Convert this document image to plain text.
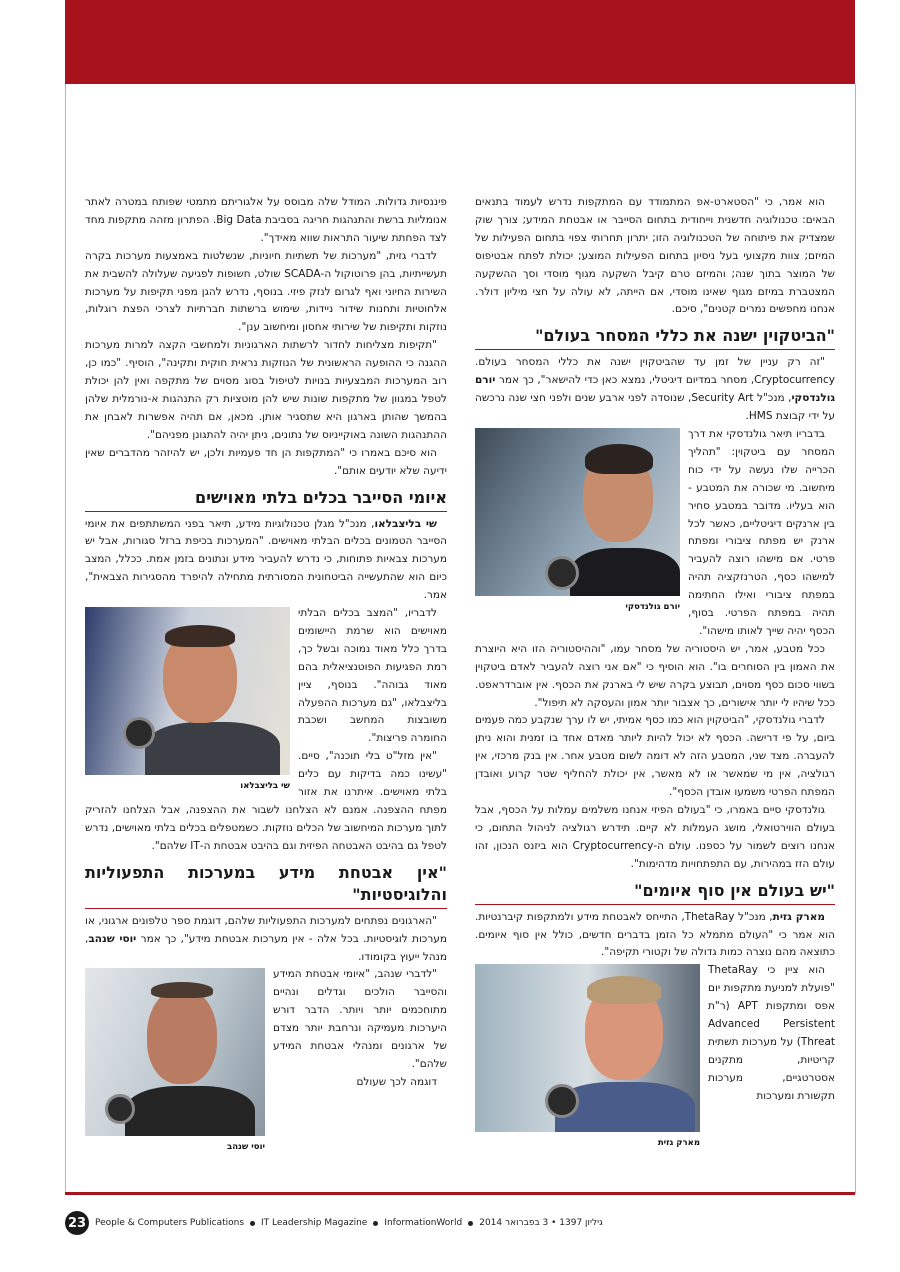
הוא אמר, כי "הסטארט-אפ המתמודד עם המתקפות נדרש לעמוד בתנאים הבאים: טכנולוגיה חדשנית וייחודית בתחום הסייבר או אבטחת המידע; צורך שוק שמצדיק את פיתוחה של הטכנולוגיה הזו; יתרון תחרותי צפוי בתחום הפעילות של המיזם; צוות מקצועי בעל ניסיון בתחום הפעילות המוצע; יכולת לפתח אבטיפוס של המוצר בתוך שנה; והמיזם טרם קיבל השקעה מגוף מוסדי וסך ההשקעה המצטברת במיזם מגוף שאינו מוסדי, אם הייתה, לא עולה על חצי מיליון דולר. אנחנו מחפשים נמרים קטנים", סיכם.

"הביטקוין ישנה את כללי המסחר בעולם"

"זה רק עניין של זמן עד שהביטקוין ישנה את כללי המסחר בעולם. Cryptocurrency, מסחר במדיום דיגיטלי, נמצא כאן כדי להישאר", כך אמר יורם גולנדסקי, מנכ"ל Security Art, שנוסדה לפני ארבע שנים ולפני חצי שנה נרכשה על ידי קבוצת HMS.

יורם גולנדסקי

בדבריו תיאר גולנדסקי את דרך המסחר עם ביטקוין: "תהליך הכרייה שלו נעשה על ידי כוח מיחשוב. מי שכורה את המטבע - הוא בעליו. מדובר במטבע סחיר בין ארנקים דיגיטליים, כאשר לכל ארנק יש מפתח ציבורי ומפתח פרטי. אם מישהו רוצה להעביר למישהו כסף, הטרנזקציה תהיה במפתח ציבורי ואילו החתימה תהיה במפתח הפרטי. בסוף, הכסף יהיה שייך לאותו מישהו".

ככל מטבע, אמר, יש היסטוריה של מסחר עמו, "וההיסטוריה הזו היא היוצרת את האמון בין הסוחרים בו". הוא הוסיף כי "אם אני רוצה להעביר לאדם ביטקוין בשווי סכום כסף מסוים, תבוצע בקרה שיש לי בארנק את הכסף. אין אוברדראפט. ככל שיהיו לי יותר אישורים, כך אצבור יותר אמון והעסקה לא תיפול".

לדברי גולנדסקי, "הביטקוין הוא כמו כסף אמיתי, יש לו ערך שנקבע כמה פעמים ביום, על פי דרישה. הכסף לא יכול להיות ליותר מאדם אחד בו זמנית והוא ניתן להעברה. מצד שני, המטבע הזה לא דומה לשום מטבע אחר. אין בנק מרכזי, אין רגולציה, אין מי שמאשר או לא מאשר, אין יכולת להחליף שטר קרוע ואובדן המפתח הפרטי משמעו אובדן הכסף".

גולנדסקי סיים באמרו, כי "בעולם הפיזי אנחנו משלמים עמלות על הכסף, אבל בעולם הווירטואלי, מושג העמלות לא קיים. תידרש רגולציה לניהול התחום, כי אנחנו רוצים לשמור על כספנו. עולם ה-Cryptocurrency הוא ביזנס הנכון, זהו עולם הזז במהירות, עם התפתחויות מדהימות".

"יש בעולם אין סוף איומים"

מארק גזית, מנכ"ל ThetaRay, התייחס לאבטחת מידע ולמתקפות קיברנטיות. הוא אמר כי "העולם מתמלא כל הזמן בדברים חדשים, כולל אין סוף איומים. כתוצאה מהם נוצרה כמות גדולה של וקטורי תקיפה".

מארק גזית

הוא ציין כי ThetaRay "פועלת למניעת מתקפות יום אפס ומתקפות APT (ר"ת Advanced Persistent Threat) על מערכות תשתית קריטיות, מתקנים אסטרטגיים, מערכות תקשורת ומערכות

פיננסיות גדולות. המודל שלה מבוסס על אלגוריתם מתמטי שפותח במטרה לאתר אנומליות ברשת והתנהגות חריגה בסביבת Big Data. הפתרון מזהה מתקפות מחד לצד הפחתת שיעור התראות שווא מאידך".

לדברי גזית, "מערכות של תשתיות חיוניות, שנשלטות באמצעות מערכות בקרה תעשייתיות, בהן פרוטוקול ה-SCADA שולט, חשופות לפגיעה שעלולה להשבית את השירות החיוני ואף לגרום לנזק פיזי. בנוסף, נדרש להגן מפני תקיפות על מערכות אלחוטיות ותחנות שידור ניידות, שימוש ברשתות חברתיות לצרכי הפצת רוגלות, נוזקות ותקיפות של שירותי אחסון ומיחשוב ענן".

"תקיפות מצליחות לחדור לרשתות הארגוניות ולמחשבי הקצה למרות מערכות ההגנה כי ההופעה הראשונית של הנוזקות נראית חוקית ותקינה", הוסיף. "כמו כן, רוב המערכות המבצעיות בנויות לטיפול בסוג מסוים של מתקפה ואין להן יכולת לטפל במגוון של מתקפות שונות שיש להן מוטציות רק התנהגות א-נורמלית שלהן בהמשך שהותן בארגון היא שתסגיר אותן. מכאן, אם תהיה אפשרות לאבחן את ההתנהגות השונה באוקייניוס של נתונים, ניתן יהיה להתגונן מפניהם".

הוא סיכם באמרו כי "המתקפות הן חד פעמיות ולכן, יש להיזהר מהדברים שאין ידיעה שלא יודעים אותם".

איומי הסייבר בכלים בלתי מאוישים

שי בליצבלאו, מנכ"ל מגלן טכנולוגיות מידע, תיאר בפני המשתתפים את איומי הסייבר הטמונים בכלים הבלתי מאוישים. "המערכות בכיפת ברזל סגורות, אבל יש מערכות צבאיות פתוחות, כי נדרש להעביר מידע ונתונים בזמן אמת. ככלל, המצב כיום הוא שהתעשייה הביטחונית המסורתית מתחילה להיפרד מהסגירות הצבאית", אמר.

שי בליצבלאו

לדבריו, "המצב בכלים הבלתי מאוישים הוא שרמת היישומים בדרך כלל מאוד נמוכה ובשל כך, רמת הפגיעות הפוטנציאלית בהם מאוד גבוהה". בנוסף, ציין בליצבלאו, "גם מערכות ההפעלה משובצות המחשב ושכבת החומרה פריצות".

"אין מזל"ט בלי תוכנה", סיים. "עשינו כמה בדיקות עם כלים בלתי מאוישים. איתרנו את אזור מפתח ההצפנה. אמנם לא הצלחנו לשבור את ההצפנה, אבל הצלחנו להזריק לתוך מערכות המיחשוב של הכלים נוזקות. כשמטפלים בכלים בלתי מאוישים, נדרש לטפל גם בהיבט האבטחה הפיזית וגם בהיבט אבטחת ה-IT שלהם".

"אין אבטחת מידע במערכות התפעוליות והלוגיסטיות"

"הארגונים נפתחים למערכות התפעוליות שלהם, דוגמת ספר טלפונים ארגוני, או מערכות לוגיסטיות. בכל אלה - אין מערכות אבטחת מידע", כך אמר יוסי שנהב, מנהל ייעוץ בקומודו.

יוסי שנהב

"לדברי שנהב, "איומי אבטחת המידע והסייבר הולכים וגדלים ונהיים מתוחכמים יותר ויותר. הדבר דורש היערכות מעמיקה ונרחבת יותר מצדם של ארגונים ומנהלי אבטחת המידע שלהם".

דוגמה לכך שעולם

23 People & Computers Publications IT Leadership Magazine InformationWorld גיליון 1397 • 3 בפברואר 2014
